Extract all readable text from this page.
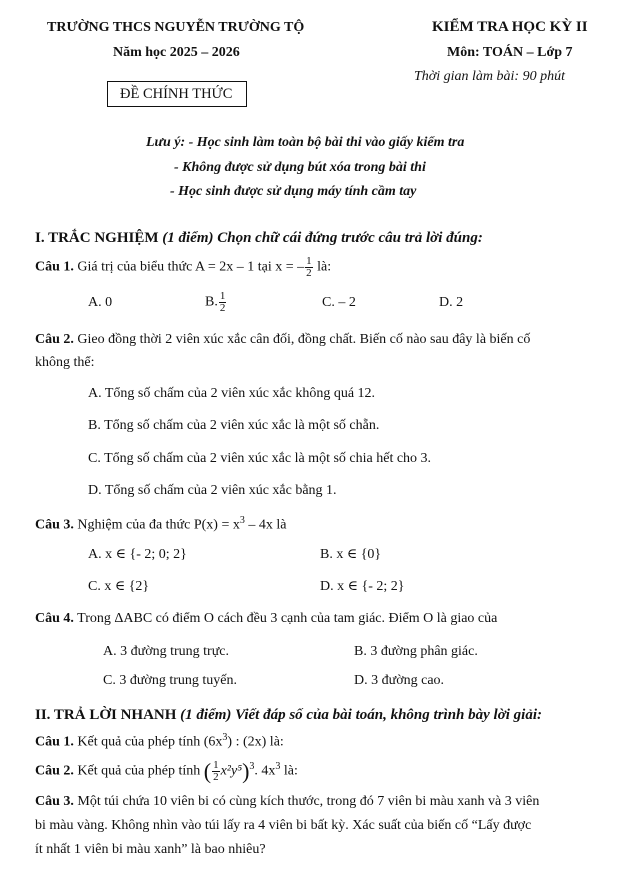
TRƯỜNG THCS NGUYỄN TRƯỜNG TỘ
Năm học 2025 – 2026
ĐỀ CHÍNH THỨC
KIỂM TRA HỌC KỲ II
Môn: TOÁN – Lớp 7
Thời gian làm bài: 90 phút
Lưu ý: - Học sinh làm toàn bộ bài thi vào giấy kiểm tra
- Không được sử dụng bút xóa trong bài thi
- Học sinh được sử dụng máy tính cầm tay
I. TRẮC NGHIỆM (1 điểm) Chọn chữ cái đứng trước câu trả lời đúng:
Câu 1. Giá trị của biểu thức A = 2x – 1 tại x = – $\frac{1}{2}$ là:
A. 0	B. $\frac{1}{2}$	C. – 2	D. 2
Câu 2. Gieo đồng thời 2 viên xúc xắc cân đối, đồng chất. Biến cố nào sau đây là biến cố
không thể:
A. Tổng số chấm của 2 viên xúc xắc không quá 12.
B. Tổng số chấm của 2 viên xúc xắc là một số chẵn.
C. Tổng số chấm của 2 viên xúc xắc là một số chia hết cho 3.
D. Tổng số chấm của 2 viên xúc xắc bằng 1.
Câu 3. Nghiệm của đa thức $P(x) = x^3 - 4x$ là
A. x ∈ {- 2; 0; 2}	B. x ∈ {0}
C. x ∈ {2}	D. x ∈ {- 2; 2}
Câu 4. Trong ΔABC có điểm O cách đều 3 cạnh của tam giác. Điểm O là giao của
A. 3 đường trung trực.	B. 3 đường phân giác.
C. 3 đường trung tuyến.	D. 3 đường cao.
II. TRẢ LỜI NHANH (1 điểm) Viết đáp số của bài toán, không trình bày lời giải:
Câu 1. Kết quả của phép tính $(6x^3)$ : (2x) là:
Câu 2. Kết quả của phép tính ( $\frac{1}{2} x^2y^5)^3$. $4x^3$ là:
Câu 3. Một túi chứa 10 viên bi có cùng kích thước, trong đó 7 viên bi màu xanh và 3 viên
bi màu vàng. Không nhìn vào túi lấy ra 4 viên bi bất kỳ. Xác suất của biến cố “Lấy được
ít nhất 1 viên bi màu xanh” là bao nhiêu?
